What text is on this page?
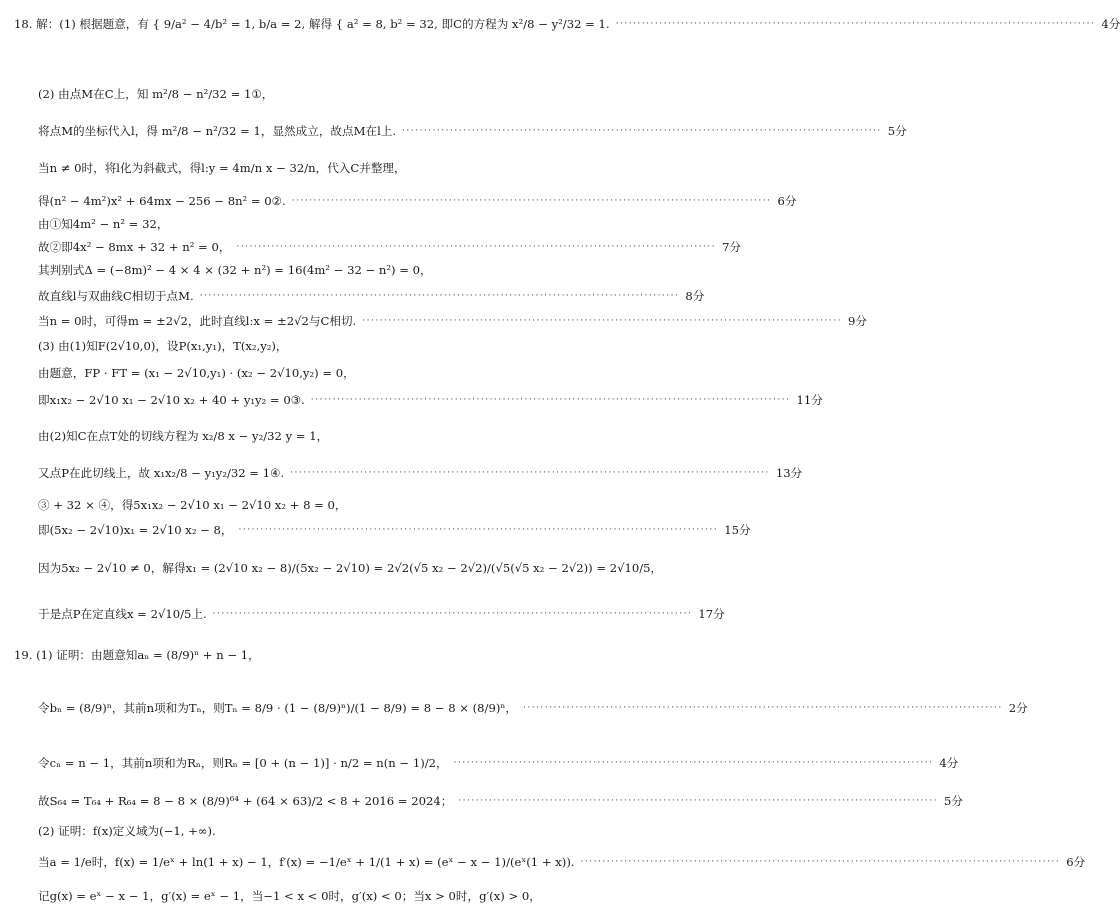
18. 解：(1) 根据题意，有 { 9/a² − 4/b² = 1, b/a = 2, 解得 { a² = 8, b² = 32, 即C的方程为 x²/8 − y²/32 = 1. ·············································································································· 4分
(2) 由点M在C上，知 m²/8 − n²/32 = 1①，
将点M的坐标代入l，得 m²/8 − n²/32 = 1，显然成立，故点M在l上. ·············································································································· 5分
当n ≠ 0时，将l化为斜截式，得l:y = 4m/n x − 32/n，代入C并整理，
得(n² − 4m²)x² + 64mx − 256 − 8n² = 0②. ·············································································································· 6分
由①知4m² − n² = 32，
故②即4x² − 8mx + 32 + n² = 0， ·············································································································· 7分
其判别式Δ = (−8m)² − 4 × 4 × (32 + n²) = 16(4m² − 32 − n²) = 0，
故直线l与双曲线C相切于点M. ·············································································································· 8分
当n = 0时，可得m = ±2√2，此时直线l:x = ±2√2与C相切. ·············································································································· 9分
(3) 由(1)知F(2√10,0)，设P(x₁,y₁)，T(x₂,y₂)，
由题意，FP · FT = (x₁ − 2√10,y₁) · (x₂ − 2√10,y₂) = 0，
即x₁x₂ − 2√10 x₁ − 2√10 x₂ + 40 + y₁y₂ = 0③. ·············································································································· 11分
由(2)知C在点T处的切线方程为 x₂/8 x − y₂/32 y = 1，
又点P在此切线上，故 x₁x₂/8 − y₁y₂/32 = 1④. ·············································································································· 13分
③ + 32 × ④，得5x₁x₂ − 2√10 x₁ − 2√10 x₂ + 8 = 0，
即(5x₂ − 2√10)x₁ = 2√10 x₂ − 8， ·············································································································· 15分
因为5x₂ − 2√10 ≠ 0，解得x₁ = (2√10 x₂ − 8)/(5x₂ − 2√10) = 2√2(√5 x₂ − 2√2)/(√5(√5 x₂ − 2√2)) = 2√10/5，
于是点P在定直线x = 2√10/5上. ·············································································································· 17分
19. (1) 证明：由题意知aₙ = (8/9)ⁿ + n − 1，
令bₙ = (8/9)ⁿ，其前n项和为Tₙ，则Tₙ = 8/9 · (1 − (8/9)ⁿ)/(1 − 8/9) = 8 − 8 × (8/9)ⁿ， ·············································································································· 2分
令cₙ = n − 1，其前n项和为Rₙ，则Rₙ = [0 + (n − 1)] · n/2 = n(n − 1)/2， ·············································································································· 4分
故S₆₄ = T₆₄ + R₆₄ = 8 − 8 × (8/9)⁶⁴ + (64 × 63)/2 < 8 + 2016 = 2024； ·············································································································· 5分
(2) 证明：f(x)定义域为(−1, +∞).
当a = 1/e时，f(x) = 1/eˣ + ln(1 + x) − 1，f′(x) = −1/eˣ + 1/(1 + x) = (eˣ − x − 1)/(eˣ(1 + x)). ·············································································································· 6分
记g(x) = eˣ − x − 1，g′(x) = eˣ − 1，当−1 < x < 0时，g′(x) < 0；当x > 0时，g′(x) > 0，
